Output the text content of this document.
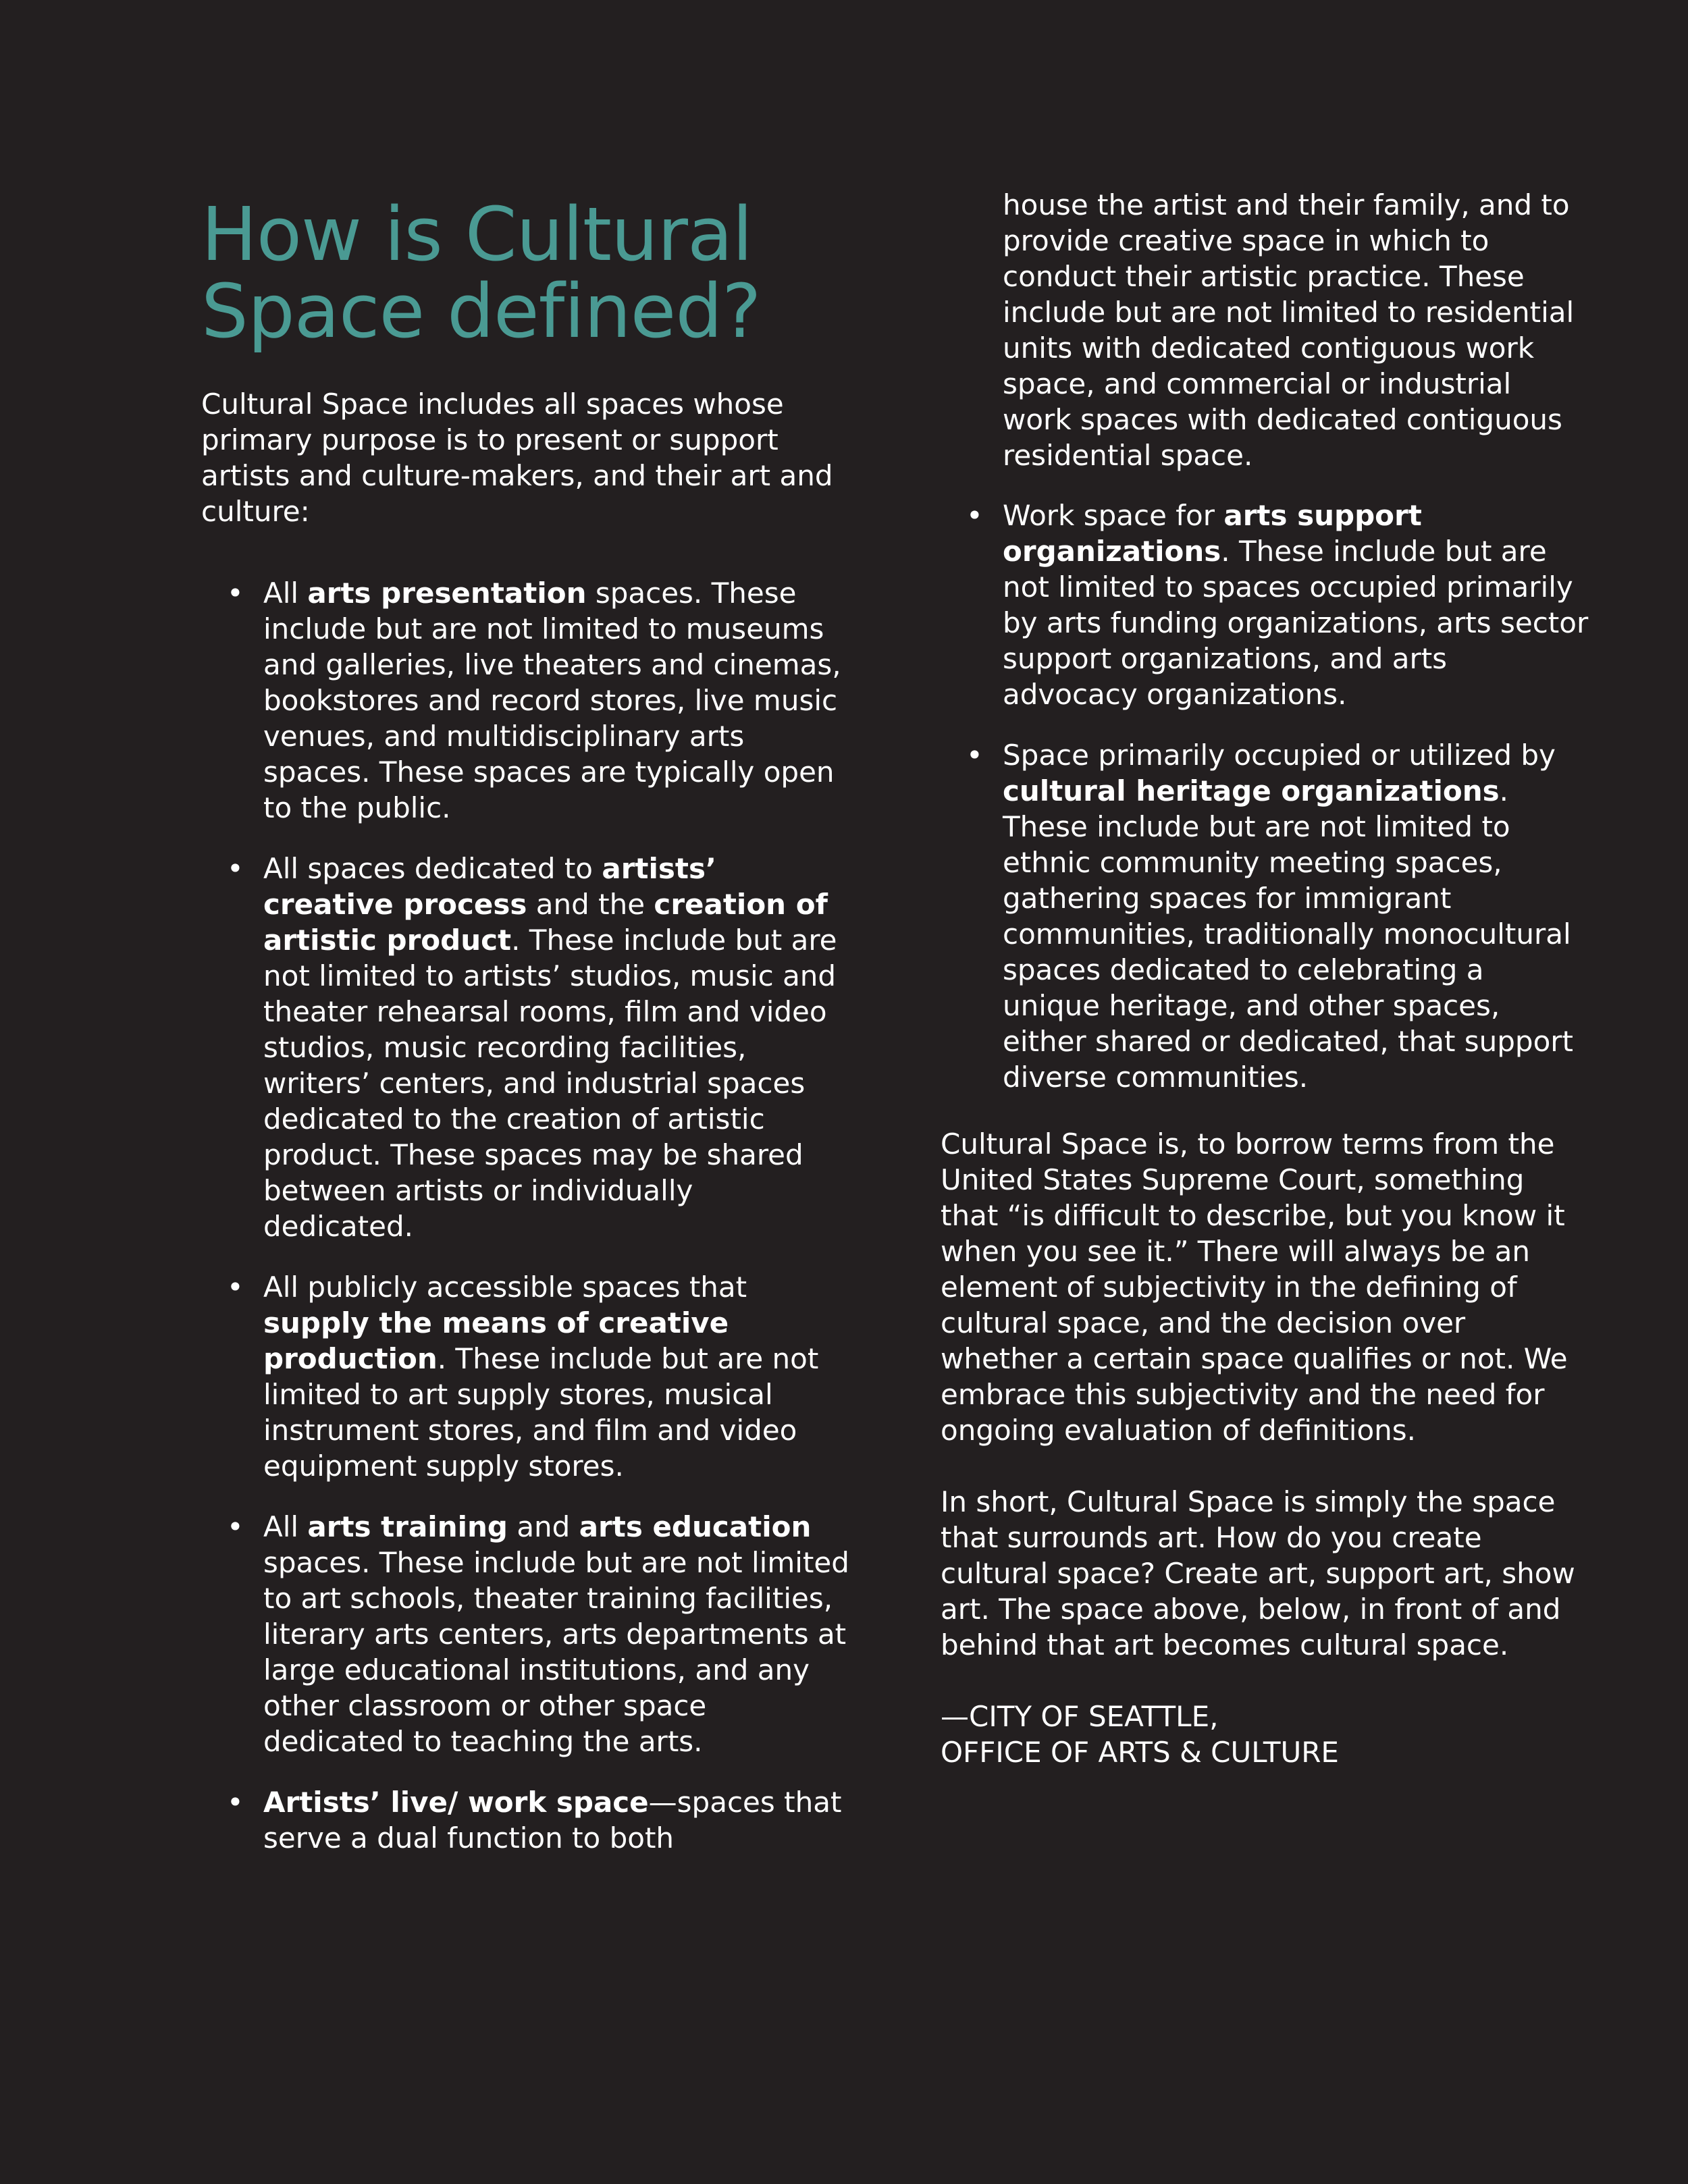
How is Cultural
Space defined?

Cultural Space includes all spaces whose primary purpose is to present or support artists and culture-makers, and their art and culture:

• All arts presentation spaces. These include but are not limited to museums and galleries, live theaters and cinemas, bookstores and record stores, live music venues, and multidisciplinary arts spaces. These spaces are typically open to the public.
• All spaces dedicated to artists’ creative process and the creation of artistic product. These include but are not limited to artists’ studios, music and theater rehearsal rooms, film and video studios, music recording facilities, writers’ centers, and industrial spaces dedicated to the creation of artistic product. These spaces may be shared between artists or individually dedicated.
• All publicly accessible spaces that supply the means of creative production. These include but are not limited to art supply stores, musical instrument stores, and film and video equipment supply stores.
• All arts training and arts education spaces. These include but are not limited to art schools, theater training facilities, literary arts centers, arts departments at large educational institutions, and any other classroom or other space dedicated to teaching the arts.
• Artists’ live/ work space—spaces that serve a dual function to both

house the artist and their family, and to provide creative space in which to conduct their artistic practice. These include but are not limited to residential units with dedicated contiguous work space, and commercial or industrial work spaces with dedicated contiguous residential space.

• Work space for arts support organizations. These include but are not limited to spaces occupied primarily by arts funding organizations, arts sector support organizations, and arts advocacy organizations.
• Space primarily occupied or utilized by cultural heritage organizations. These include but are not limited to ethnic community meeting spaces, gathering spaces for immigrant communities, traditionally monocultural spaces dedicated to celebrating a unique heritage, and other spaces, either shared or dedicated, that support diverse communities.

Cultural Space is, to borrow terms from the United States Supreme Court, something that “is difficult to describe, but you know it when you see it.” There will always be an element of subjectivity in the defining of cultural space, and the decision over whether a certain space qualifies or not. We embrace this subjectivity and the need for ongoing evaluation of definitions.

In short, Cultural Space is simply the space that surrounds art. How do you create cultural space? Create art, support art, show art. The space above, below, in front of and behind that art becomes cultural space.

—CITY OF SEATTLE,
OFFICE OF ARTS & CULTURE
